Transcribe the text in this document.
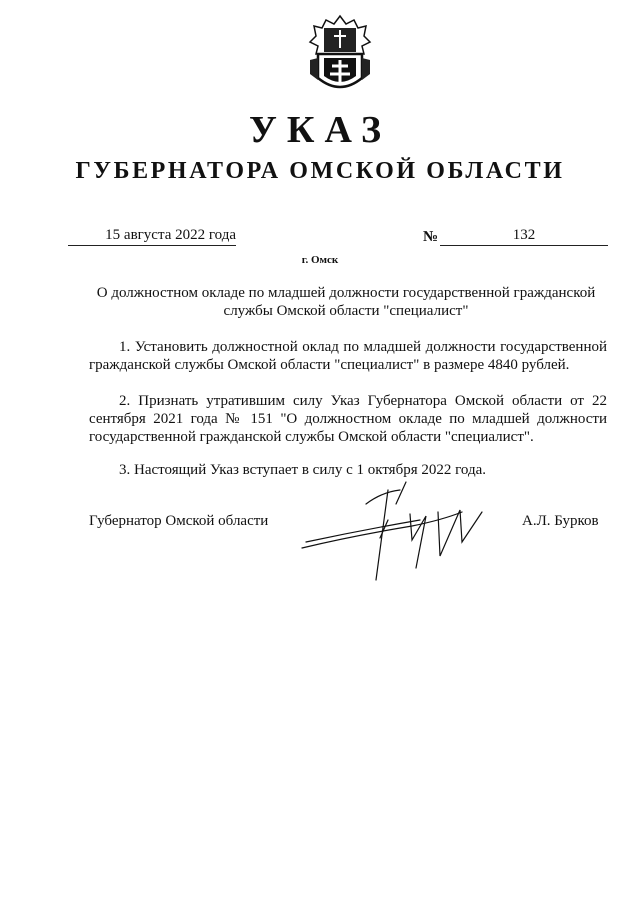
УКАЗ
ГУБЕРНАТОРА ОМСКОЙ ОБЛАСТИ
15 августа 2022 года	№	132
г. Омск
О должностном окладе по младшей должности государственной гражданской службы Омской области "специалист"

1. Установить должностной оклад по младшей должности государственной гражданской службы Омской области "специалист" в размере 4840 рублей.

2. Признать утратившим силу Указ Губернатора Омской области от 22 сентября 2021 года № 151 "О должностном окладе по младшей должности государственной гражданской службы Омской области "специалист".

3. Настоящий Указ вступает в силу с 1 октября 2022 года.

Губернатор Омской области	А.Л. Бурков
